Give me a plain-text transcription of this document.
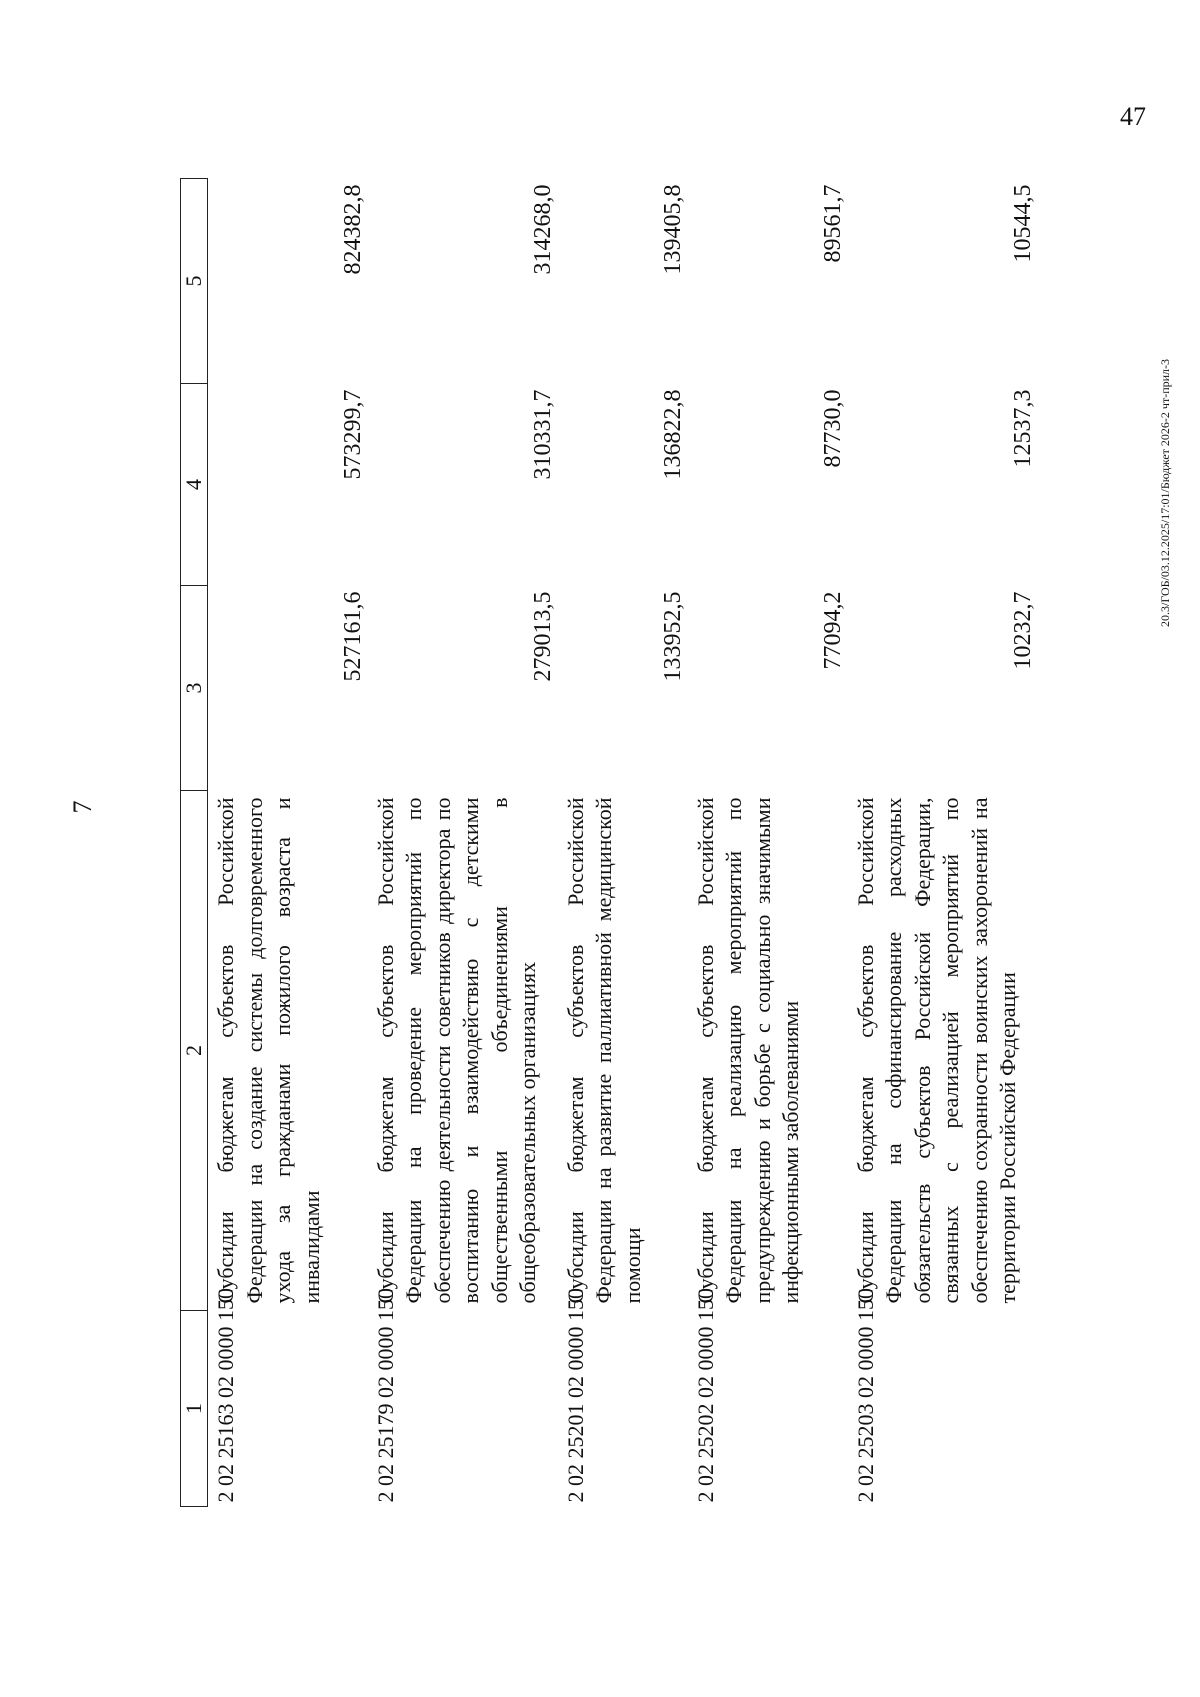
7
1	2	3	4	5
2 02 25163 02 0000 150	Субсидии бюджетам субъектов Российской Федерации на создание системы долговременного ухода за гражданами пожилого возраста и инвалидами	527161,6	573299,7	824382,8
2 02 25179 02 0000 150	Субсидии бюджетам субъектов Российской Федерации на проведение мероприятий по обеспечению деятельности советников директора по воспитанию и взаимодействию с детскими общественными объединениями в общеобразовательных организациях	279013,5	310331,7	314268,0
2 02 25201 02 0000 150	Субсидии бюджетам субъектов Российской Федерации на развитие паллиативной медицинской помощи	133952,5	136822,8	139405,8
2 02 25202 02 0000 150	Субсидии бюджетам субъектов Российской Федерации на реализацию мероприятий по предупреждению и борьбе с социально значимыми инфекционными заболеваниями	77094,2	87730,0	89561,7
2 02 25203 02 0000 150	Субсидии бюджетам субъектов Российской Федерации на софинансирование расходных обязательств субъектов Российской Федерации, связанных с реализацией мероприятий по обеспечению сохранности воинских захоронений на территории Российской Федерации	10232,7	12537,3	10544,5
20.3/ГОБ/03.12.2025/17:01/Бюджет 2026-2 чт-прил-3
47
